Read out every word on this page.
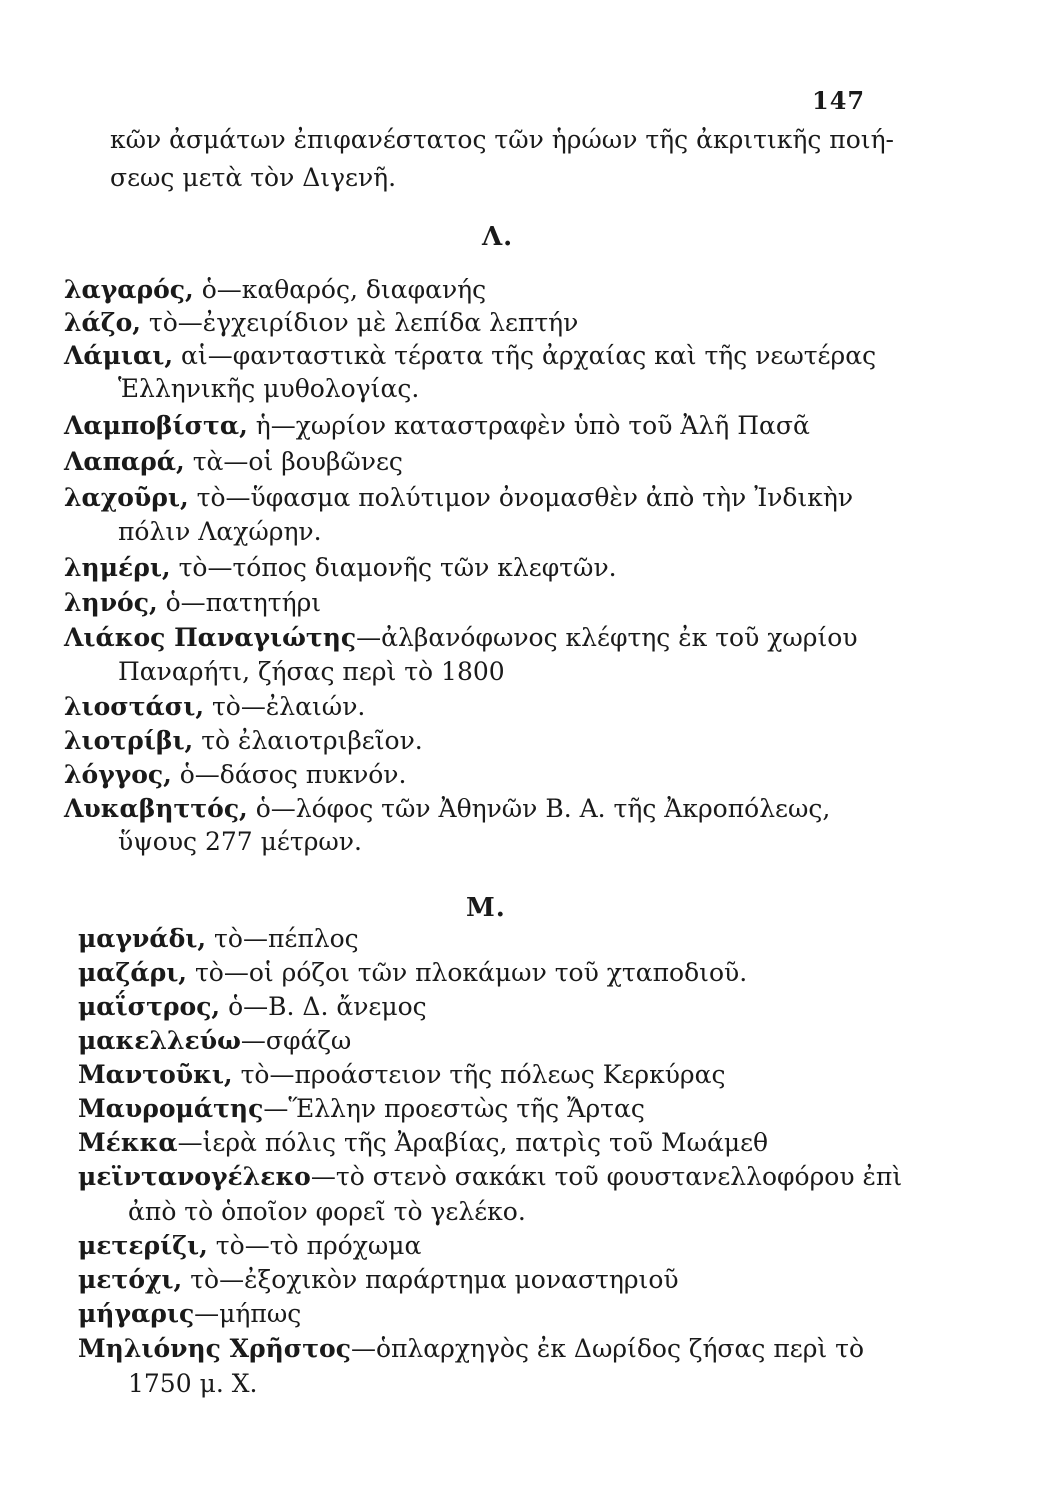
147
κῶν ἀσμάτων ἐπιφανέστατος τῶν ἡρώων τῆς ἀκριτικῆς ποιή-
σεως μετὰ τὸν Διγενῆ.
Λ.
λαγαρός, ὁ—καθαρός, διαφανής
λάζο, τὸ—ἐγχειρίδιον μὲ λεπίδα λεπτήν
Λάμιαι, αἱ—φανταστικὰ τέρατα τῆς ἀρχαίας καὶ τῆς νεωτέρας
Ἑλληνικῆς μυθολογίας.
Λαμποβίστα, ἡ—χωρίον καταστραφὲν ὑπὸ τοῦ Ἀλῆ Πασᾶ
Λαπαρά, τὰ—οἱ βουβῶνες
λαχοῦρι, τὸ—ὕφασμα πολύτιμον ὀνομασθὲν ἀπὸ τὴν Ἰνδικὴν
πόλιν Λαχώρην.
λημέρι, τὸ—τόπος διαμονῆς τῶν κλεφτῶν.
ληνός, ὁ—πατητήρι
Λιάκος Παναγιώτης—ἀλβανόφωνος κλέφτης ἐκ τοῦ χωρίου
Παναρήτι, ζήσας περὶ τὸ 1800
λιοστάσι, τὸ—ἐλαιών.
λιοτρίβι, τὸ ἐλαιοτριβεῖον.
λόγγος, ὁ—δάσος πυκνόν.
Λυκαβηττός, ὁ—λόφος τῶν Ἀθηνῶν Β. Α. τῆς Ἀκροπόλεως,
ὕψους 277 μέτρων.
Μ.
μαγνάδι, τὸ—πέπλος
μαζάρι, τὸ—οἱ ρόζοι τῶν πλοκάμων τοῦ χταποδιοῦ.
μαΐστρος, ὁ—Β. Δ. ἄνεμος
μακελλεύω—σφάζω
Μαντοῦκι, τὸ—προάστειον τῆς πόλεως Κερκύρας
Μαυρομάτης—Ἕλλην προεστὼς τῆς Ἄρτας
Μέκκα—ἱερὰ πόλις τῆς Ἀραβίας, πατρὶς τοῦ Μωάμεθ
μεϊντανογέλεκο—τὸ στενὸ σακάκι τοῦ φουστανελλοφόρου ἐπὶ
ἀπὸ τὸ ὁποῖον φορεῖ τὸ γελέκο.
μετερίζι, τὸ—τὸ πρόχωμα
μετόχι, τὸ—ἐξοχικὸν παράρτημα μοναστηριοῦ
μήγαρις—μήπως
Μηλιόνης Χρῆστος—ὁπλαρχηγὸς ἐκ Δωρίδος ζήσας περὶ τὸ
1750 μ. Χ.
